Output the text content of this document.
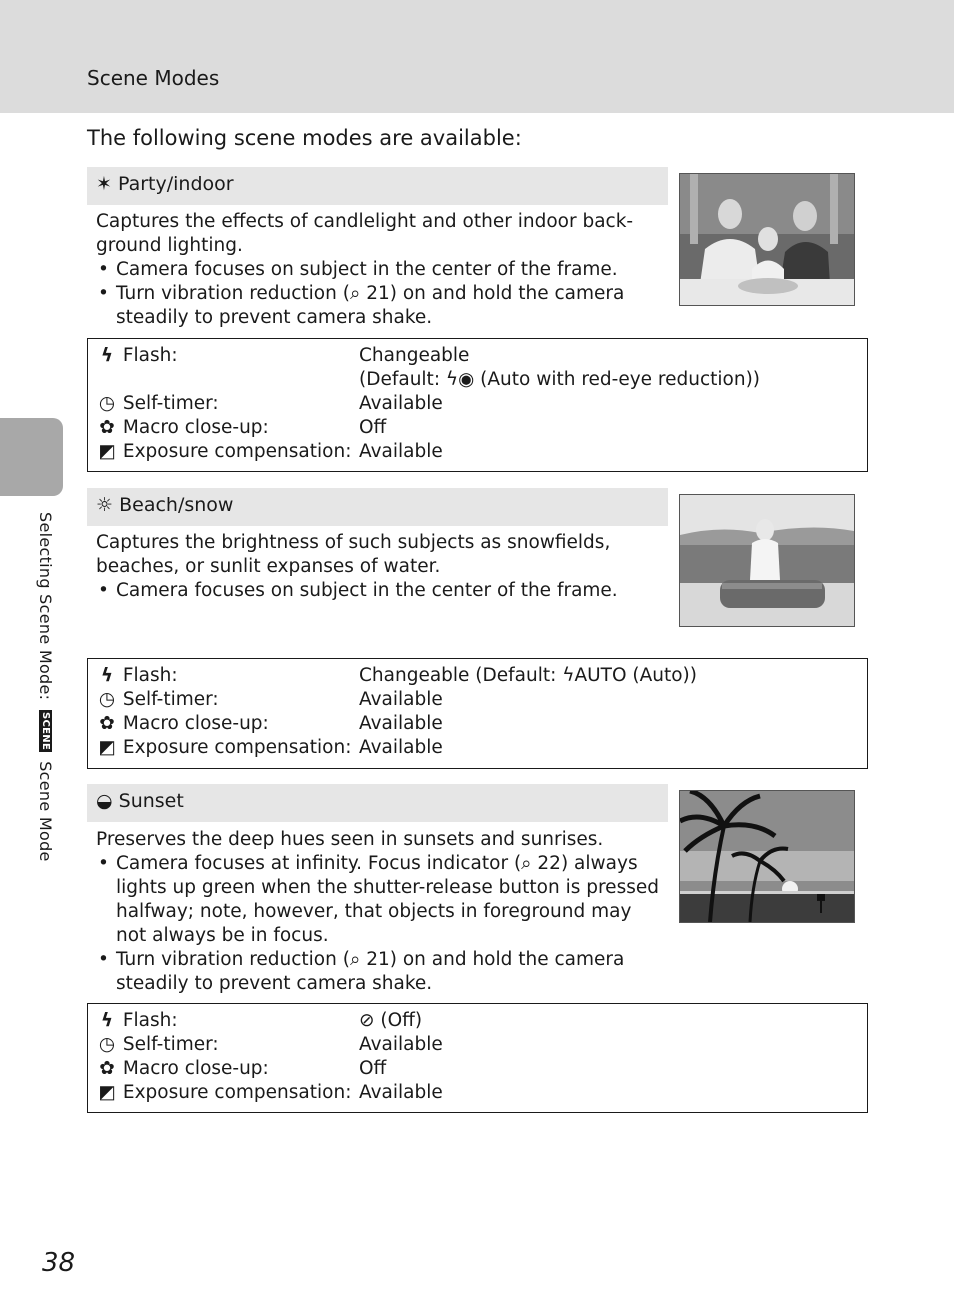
Scene Modes
The following scene modes are available:
Selecting Scene Mode: SCENE Scene Mode
✶ Party/indoor

Captures the effects of candlelight and other indoor back-ground lighting.

• Camera focuses on subject in the center of the frame.
• Turn vibration reduction (⌕ 21) on and hold the camera steadily to prevent camera shake.
ϟ Flash:	Changeable
(Default: ϟ◉ (Auto with red-eye reduction))
◷ Self-timer:	Available
✿ Macro close-up:	Off
◩ Exposure compensation: Available
☼ Beach/snow

Captures the brightness of such subjects as snowfields, beaches, or sunlit expanses of water.

• Camera focuses on subject in the center of the frame.
ϟ Flash:	Changeable (Default: ϟAUTO (Auto))
◷ Self-timer:	Available
✿ Macro close-up:	Available
◩ Exposure compensation: Available
◒ Sunset

Preserves the deep hues seen in sunsets and sunrises.

• Camera focuses at infinity. Focus indicator (⌕ 22) always lights up green when the shutter-release button is pressed halfway; note, however, that objects in foreground may not always be in focus.
• Turn vibration reduction (⌕ 21) on and hold the camera steadily to prevent camera shake.
ϟ Flash:	⊘ (Off)
◷ Self-timer:	Available
✿ Macro close-up:	Off
◩ Exposure compensation: Available
38
